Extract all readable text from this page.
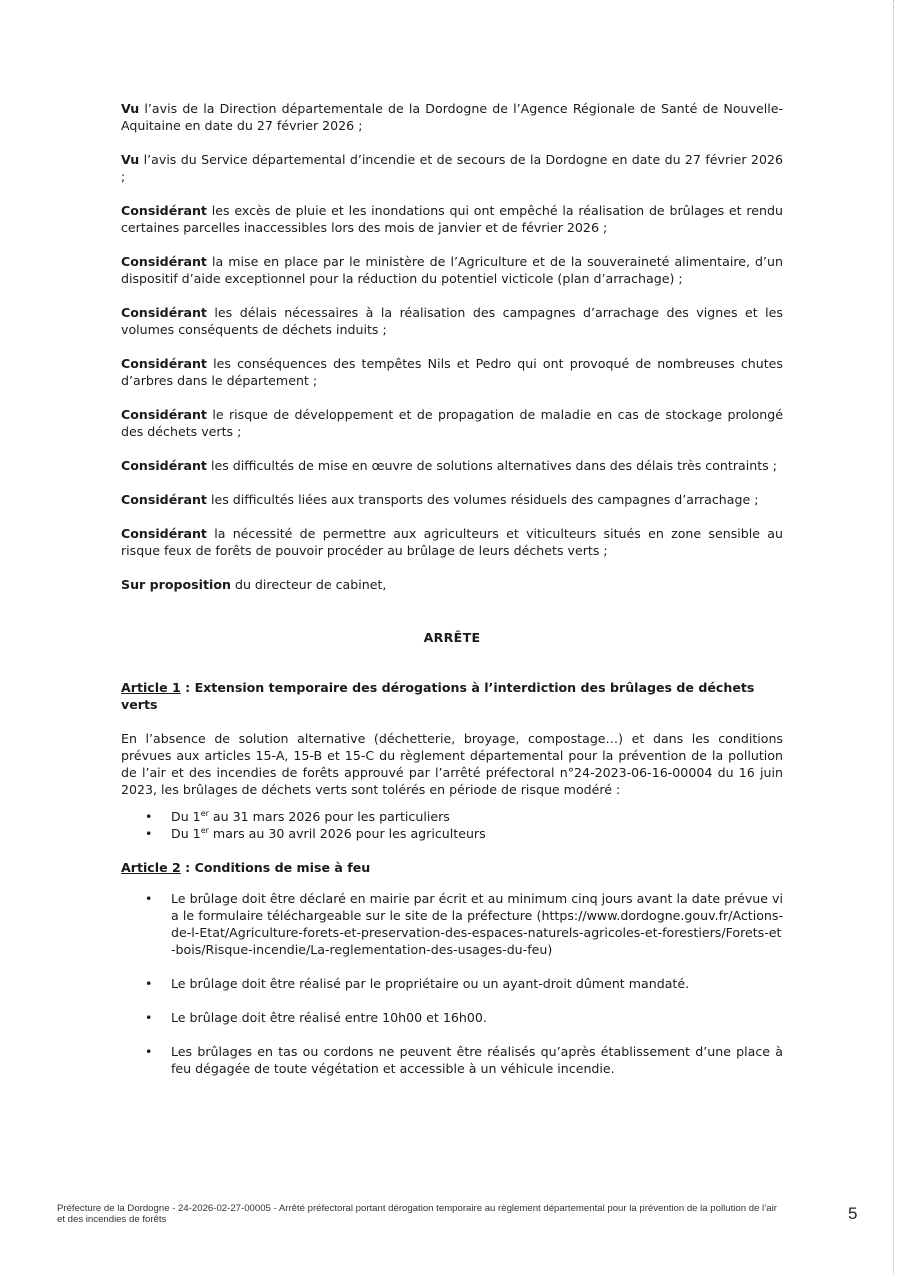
Vu l’avis de la Direction départementale de la Dordogne de l’Agence Régionale de Santé de Nouvelle-Aquitaine en date du 27 février 2026 ;

Vu l’avis du Service départemental d’incendie et de secours de la Dordogne en date du 27 février 2026 ;

Considérant les excès de pluie et les inondations qui ont empêché la réalisation de brûlages et rendu certaines parcelles inaccessibles lors des mois de janvier et de février 2026 ;

Considérant la mise en place par le ministère de l’Agriculture et de la souveraineté alimentaire, d’un dispositif d’aide exceptionnel pour la réduction du potentiel victicole (plan d’arrachage) ;

Considérant les délais nécessaires à la réalisation des campagnes d’arrachage des vignes et les volumes conséquents de déchets induits ;

Considérant les conséquences des tempêtes Nils et Pedro qui ont provoqué de nombreuses chutes d’arbres dans le département ;

Considérant le risque de développement et de propagation de maladie en cas de stockage prolongé des déchets verts ;

Considérant les difficultés de mise en œuvre de solutions alternatives dans des délais très contraints ;

Considérant les difficultés liées aux transports des volumes résiduels des campagnes d’arrachage ;

Considérant la nécessité de permettre aux agriculteurs et viticulteurs situés en zone sensible au risque feux de forêts de pouvoir procéder au brûlage de leurs déchets verts ;

Sur proposition du directeur de cabinet,

ARRÊTE
Article 1 : Extension temporaire des dérogations à l’interdiction des brûlages de déchets verts

En l’absence de solution alternative (déchetterie, broyage, compostage…) et dans les conditions prévues aux articles 15-A, 15-B et 15-C du règlement départemental pour la prévention de la pollution de l’air et des incendies de forêts approuvé par l’arrêté préfectoral n°24-2023-06-16-00004 du 16 juin 2023, les brûlages de déchets verts sont tolérés en période de risque modéré :

• Du 1er au 31 mars 2026 pour les particuliers
• Du 1er mars au 30 avril 2026 pour les agriculteurs
Article 2 : Conditions de mise à feu
• Le brûlage doit être déclaré en mairie par écrit et au minimum cinq jours avant la date prévue via le formulaire téléchargeable sur le site de la préfecture (https://www.dordogne.gouv.fr/Actions-de-l-Etat/Agriculture-forets-et-preservation-des-espaces-naturels-agricoles-et-forestiers/Forets-et-bois/Risque-incendie/La-reglementation-des-usages-du-feu)
• Le brûlage doit être réalisé par le propriétaire ou un ayant-droit dûment mandaté.
• Le brûlage doit être réalisé entre 10h00 et 16h00.
• Les brûlages en tas ou cordons ne peuvent être réalisés qu’après établissement d’une place à feu dégagée de toute végétation et accessible à un véhicule incendie.
Préfecture de la Dordogne - 24-2026-02-27-00005 - Arrêté préfectoral portant dérogation temporaire au règlement départemental pour la prévention de la pollution de l’air et des incendies de forêts	5
